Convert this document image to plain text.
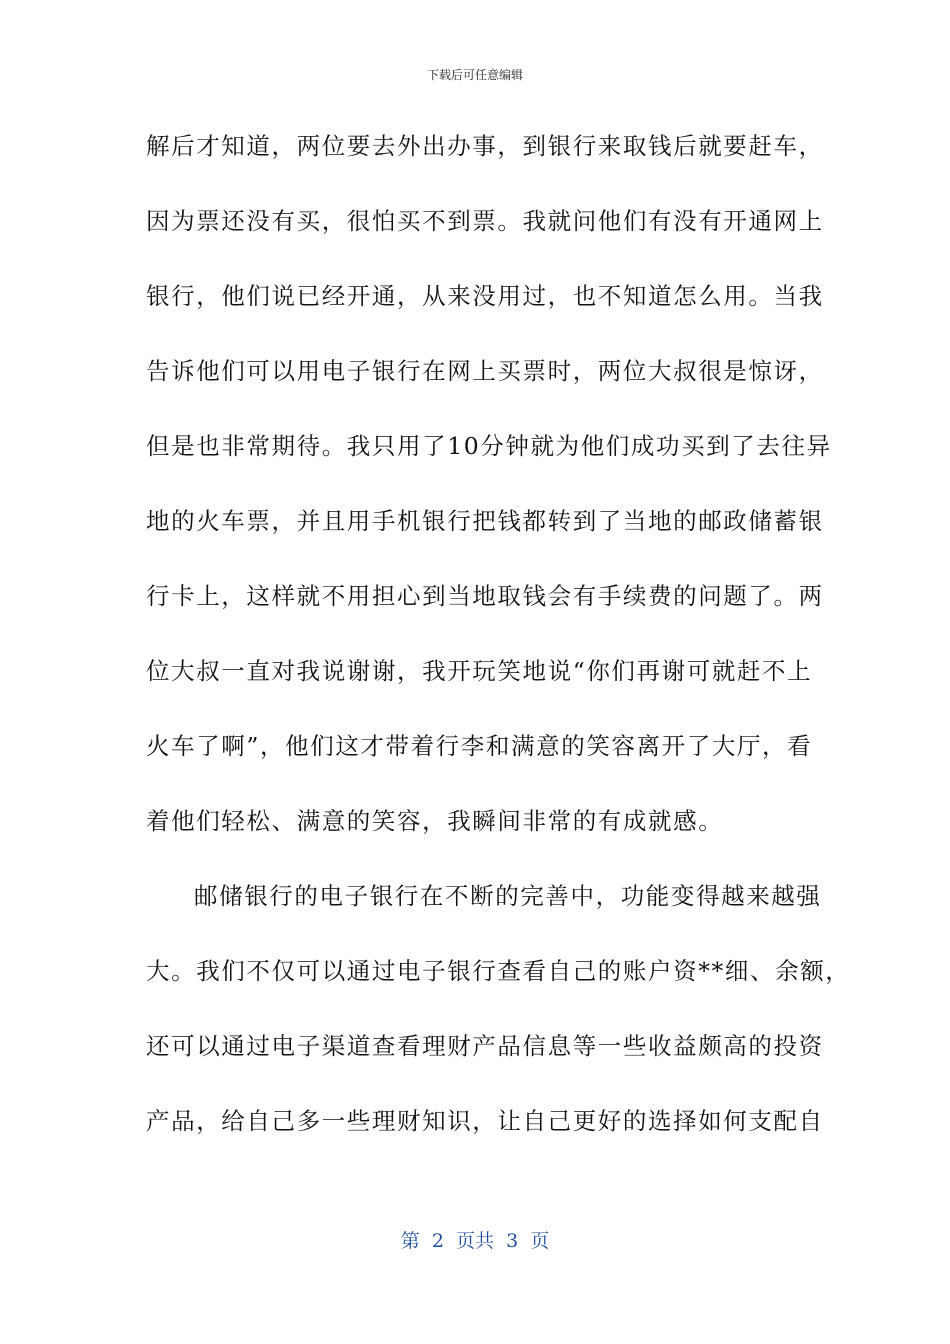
下载后可任意编辑
解后才知道，两位要去外出办事，到银行来取钱后就要赶车，
因为票还没有买，很怕买不到票。我就问他们有没有开通网上
银行，他们说已经开通，从来没用过，也不知道怎么用。当我
告诉他们可以用电子银行在网上买票时，两位大叔很是惊讶，
但是也非常期待。我只用了10分钟就为他们成功买到了去往异
地的火车票，并且用手机银行把钱都转到了当地的邮政储蓄银
行卡上，这样就不用担心到当地取钱会有手续费的问题了。两
位大叔一直对我说谢谢，我开玩笑地说“你们再谢可就赶不上
火车了啊”，他们这才带着行李和满意的笑容离开了大厅，看
着他们轻松、满意的笑容，我瞬间非常的有成就感。
邮储银行的电子银行在不断的完善中，功能变得越来越强
大。我们不仅可以通过电子银行查看自己的账户资**细、余额，
还可以通过电子渠道查看理财产品信息等一些收益颇高的投资
产品，给自己多一些理财知识，让自己更好的选择如何支配自
第  2  页共  3  页
